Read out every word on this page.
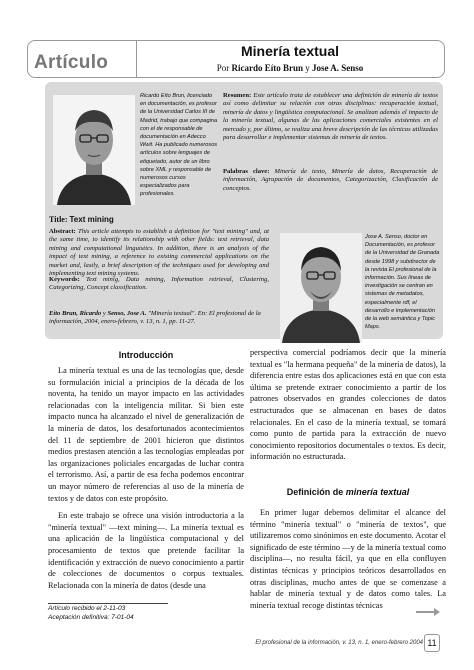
Artículo
Minería textual
Por Ricardo Eíto Brun y Jose A. Senso
Ricardo Eíto Brun, licenciado en documentación, es profesor de la Universidad Carlos III de Madrid, trabajo que compagina con el de responsable de documentación en Adecco Wwit. Ha publicado numerosos artículos sobre lenguajes de etiquetado, autor de un libro sobre XML y responsable de numerosos cursos especializados para profesionales.
Resumen: Este artículo trata de establecer una definición de minería de textos así como delimitar su relación con otras disciplinas: recuperación textual, minería de datos y lingüística computacional. Se analizan además el impacto de la minería textual, algunas de las aplicaciones comerciales existentes en el mercado y, por último, se realiza una breve descripción de las técnicas utilizadas para desarrollar e implementar sistemas de minería de textos.
Palabras clave: Minería de texto, Minería de datos, Recuperación de información, Agrupación de documentos, Categorización, Clasificación de conceptos.
Title: Text mining
Abstract: This article attempts to establish a definition for "text mining" and, at the same time, to identify its relationship with other fields: text retrieval, data mining and computational linguistics. In addition, there is an analysis of the impact of text mining, a reference to existing commercial applications on the market and, lastly, a brief description of the techniques used for developing and implementing text mining systems.
Keywords: Text minig, Data mining, Information retrieval, Clustering, Categorizing, Concept classification.
Eíto Brun, Ricardo y Senso, Jose A. "Minería textual". En: El profesional de la información, 2004, enero-febrero, v. 13, n. 1, pp. 11-27.
Jose A. Senso, doctor en Documentación, es profesor de la Universidad de Granada desde 1998 y subdirector de la revista El profesional de la información. Sus líneas de investigación se centran en sistemas de metadatos, especialmente rdf, el desarrollo e implementación de la web semántica y Topic Maps.
Introducción

La minería textual es una de las tecnologías que, desde su formulación inicial a principios de la década de los noventa, ha tenido un mayor impacto en las actividades relacionadas con la inteligencia militar. Si bien este impacto nunca ha alcanzado el nivel de generalización de la minería de datos, los desafortunados acontecimientos del 11 de septiembre de 2001 hicieron que distintos medios prestasen atención a las tecnologías empleadas por las organizaciones policiales encargadas de luchar contra el terrorismo. Así, a partir de esa fecha podemos encontrar un mayor número de referencias al uso de la minería de textos y de datos con este propósito.

En este trabajo se ofrece una visión introductoria a la "minería textual" —text mining—. La minería textual es una aplicación de la lingüística computacional y del procesamiento de textos que pretende facilitar la identificación y extracción de nuevo conocimiento a partir de colecciones de documentos o corpus textuales. Relacionada con la minería de datos (desde una

perspectiva comercial podríamos decir que la minería textual es "la hermana pequeña" de la minería de datos), la diferencia entre estas dos aplicaciones está en que con esta última se pretende extraer conocimiento a partir de los patrones observados en grandes colecciones de datos estructurados que se almacenan en bases de datos relacionales. En el caso de la minería textual, se tomará como punto de partida para la extracción de nuevo conocimiento repositorios documentales o textos. Es decir, información no estructurada.

Definición de minería textual

En primer lugar debemos delimitar el alcance del término "minería textual" o "minería de textos", que utilizaremos como sinónimos en este documento. Acotar el significado de este término —y de la minería textual como disciplina—, no resulta fácil, ya que en ella confluyen distintas técnicas y principios teóricos desarrollados en otras disciplinas, mucho antes de que se comenzase a hablar de minería textual y de datos como tales. La minería textual recoge distintas técnicas

Artículo recibido el 2-11-03
Aceptación definitiva: 7-01-04
El profesional de la información, v. 13, n. 1, enero-febrero 2004 11
